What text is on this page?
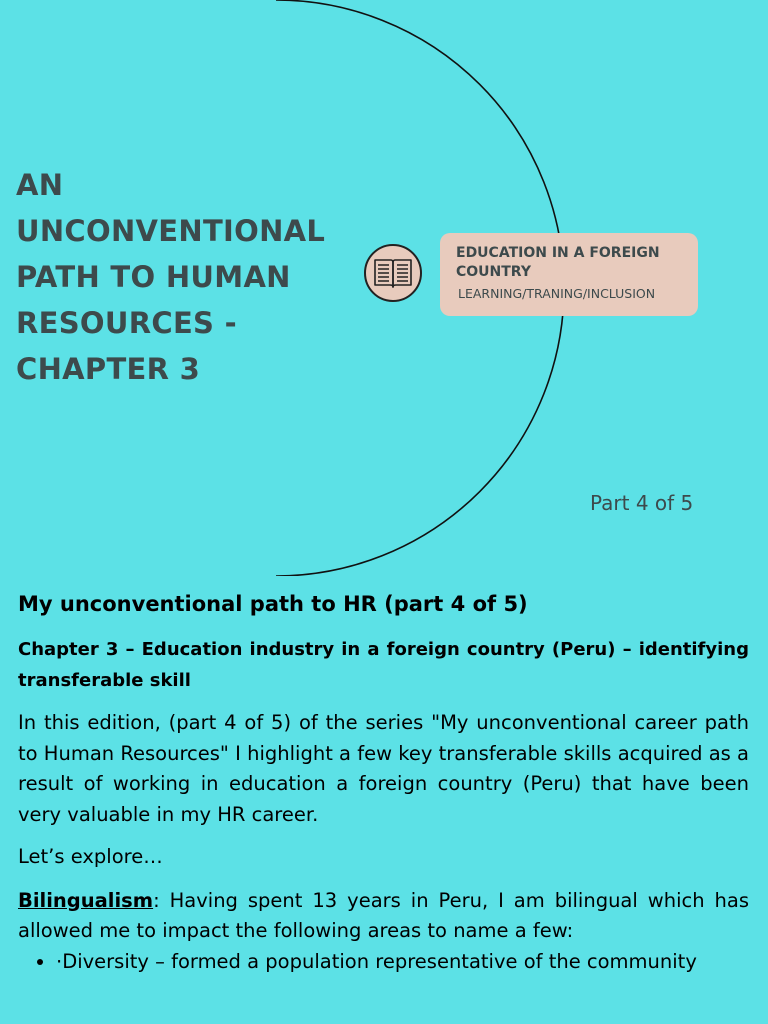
AN
UNCONVENTIONAL
PATH TO HUMAN
RESOURCES -
CHAPTER 3
EDUCATION IN A FOREIGN COUNTRY
LEARNING/TRANING/INCLUSION
Part 4 of 5
My unconventional path to HR (part 4 of 5)
Chapter 3 – Education industry in a foreign country (Peru) – identifying transferable skill

In this edition, (part 4 of 5) of the series "My unconventional career path to Human Resources" I highlight a few key transferable skills acquired as a result of working in education a foreign country (Peru) that have been very valuable in my HR career.

Let’s explore…

Bilingualism: Having spent 13 years in Peru, I am bilingual which has allowed me to impact the following areas to name a few:

• ·Diversity – formed a population representative of the community
